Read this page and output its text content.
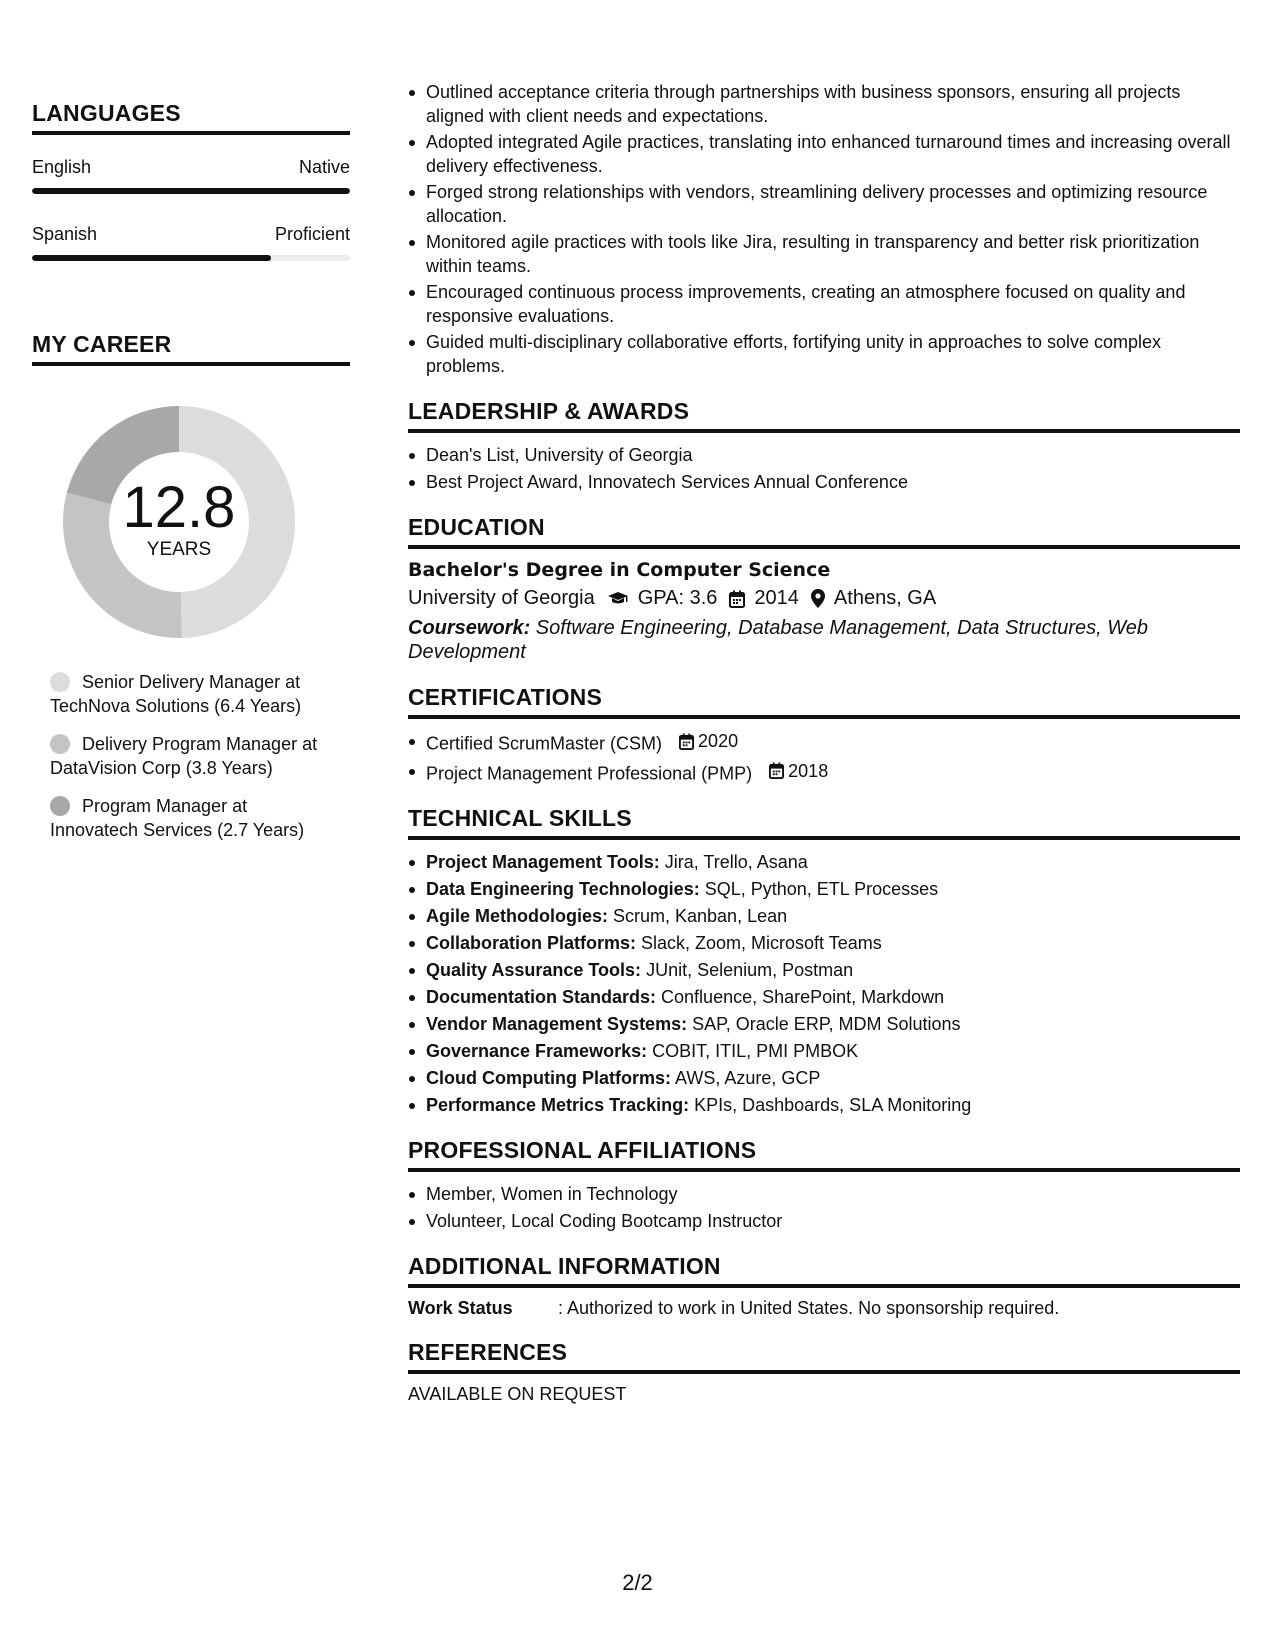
LANGUAGES
English	Native
Spanish	Proficient
MY CAREER
12.8
YEARS
Senior Delivery Manager at TechNova Solutions (6.4 Years)
Delivery Program Manager at DataVision Corp (3.8 Years)
Program Manager at Innovatech Services (2.7 Years)
Outlined acceptance criteria through partnerships with business sponsors, ensuring all projects aligned with client needs and expectations.
Adopted integrated Agile practices, translating into enhanced turnaround times and increasing overall delivery effectiveness.
Forged strong relationships with vendors, streamlining delivery processes and optimizing resource allocation.
Monitored agile practices with tools like Jira, resulting in transparency and better risk prioritization within teams.
Encouraged continuous process improvements, creating an atmosphere focused on quality and responsive evaluations.
Guided multi-disciplinary collaborative efforts, fortifying unity in approaches to solve complex problems.
LEADERSHIP & AWARDS
Dean's List, University of Georgia
Best Project Award, Innovatech Services Annual Conference
EDUCATION
Bachelor's Degree in Computer Science
University of Georgia GPA: 3.6 2014 Athens, GA
Coursework: Software Engineering, Database Management, Data Structures, Web Development
CERTIFICATIONS
Certified ScrumMaster (CSM) 2020
Project Management Professional (PMP) 2018
TECHNICAL SKILLS
Project Management Tools: Jira, Trello, Asana
Data Engineering Technologies: SQL, Python, ETL Processes
Agile Methodologies: Scrum, Kanban, Lean
Collaboration Platforms: Slack, Zoom, Microsoft Teams
Quality Assurance Tools: JUnit, Selenium, Postman
Documentation Standards: Confluence, SharePoint, Markdown
Vendor Management Systems: SAP, Oracle ERP, MDM Solutions
Governance Frameworks: COBIT, ITIL, PMI PMBOK
Cloud Computing Platforms: AWS, Azure, GCP
Performance Metrics Tracking: KPIs, Dashboards, SLA Monitoring
PROFESSIONAL AFFILIATIONS
Member, Women in Technology
Volunteer, Local Coding Bootcamp Instructor
ADDITIONAL INFORMATION
Work Status	: Authorized to work in United States. No sponsorship required.
REFERENCES
AVAILABLE ON REQUEST
2/2
